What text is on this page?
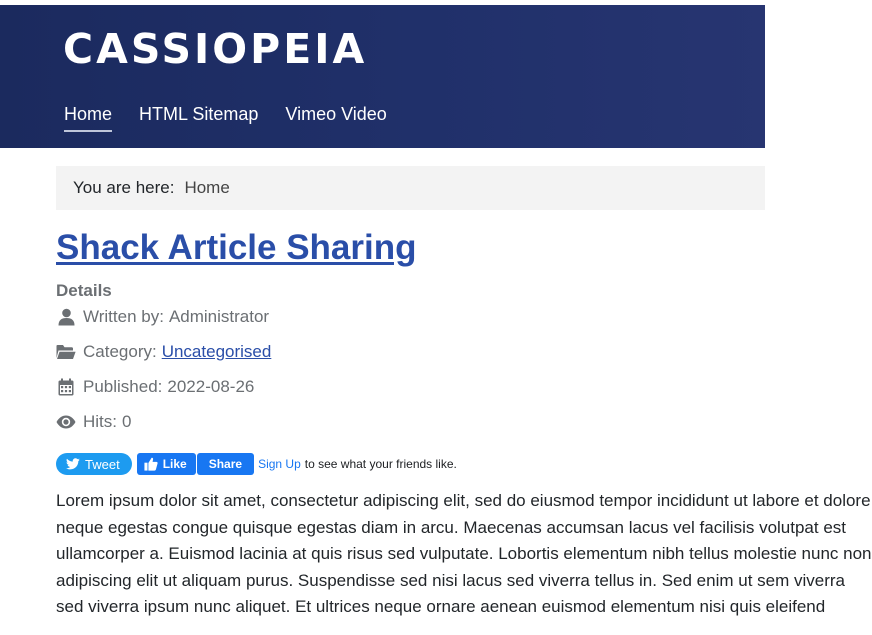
CASSIOPEIA
Home HTML Sitemap Vimeo Video
You are here: Home
Shack Article Sharing
Details
Written by: Administrator
Category: Uncategorised
Published: 2022-08-26
Hits: 0
Tweet	Like	Share	Sign Up to see what your friends like.
Lorem ipsum dolor sit amet, consectetur adipiscing elit, sed do eiusmod tempor incididunt ut labore et dolore
neque egestas congue quisque egestas diam in arcu. Maecenas accumsan lacus vel facilisis volutpat est
ullamcorper a. Euismod lacinia at quis risus sed vulputate. Lobortis elementum nibh tellus molestie nunc non
adipiscing elit ut aliquam purus. Suspendisse sed nisi lacus sed viverra tellus in. Sed enim ut sem viverra
sed viverra ipsum nunc aliquet. Et ultrices neque ornare aenean euismod elementum nisi quis eleifend
